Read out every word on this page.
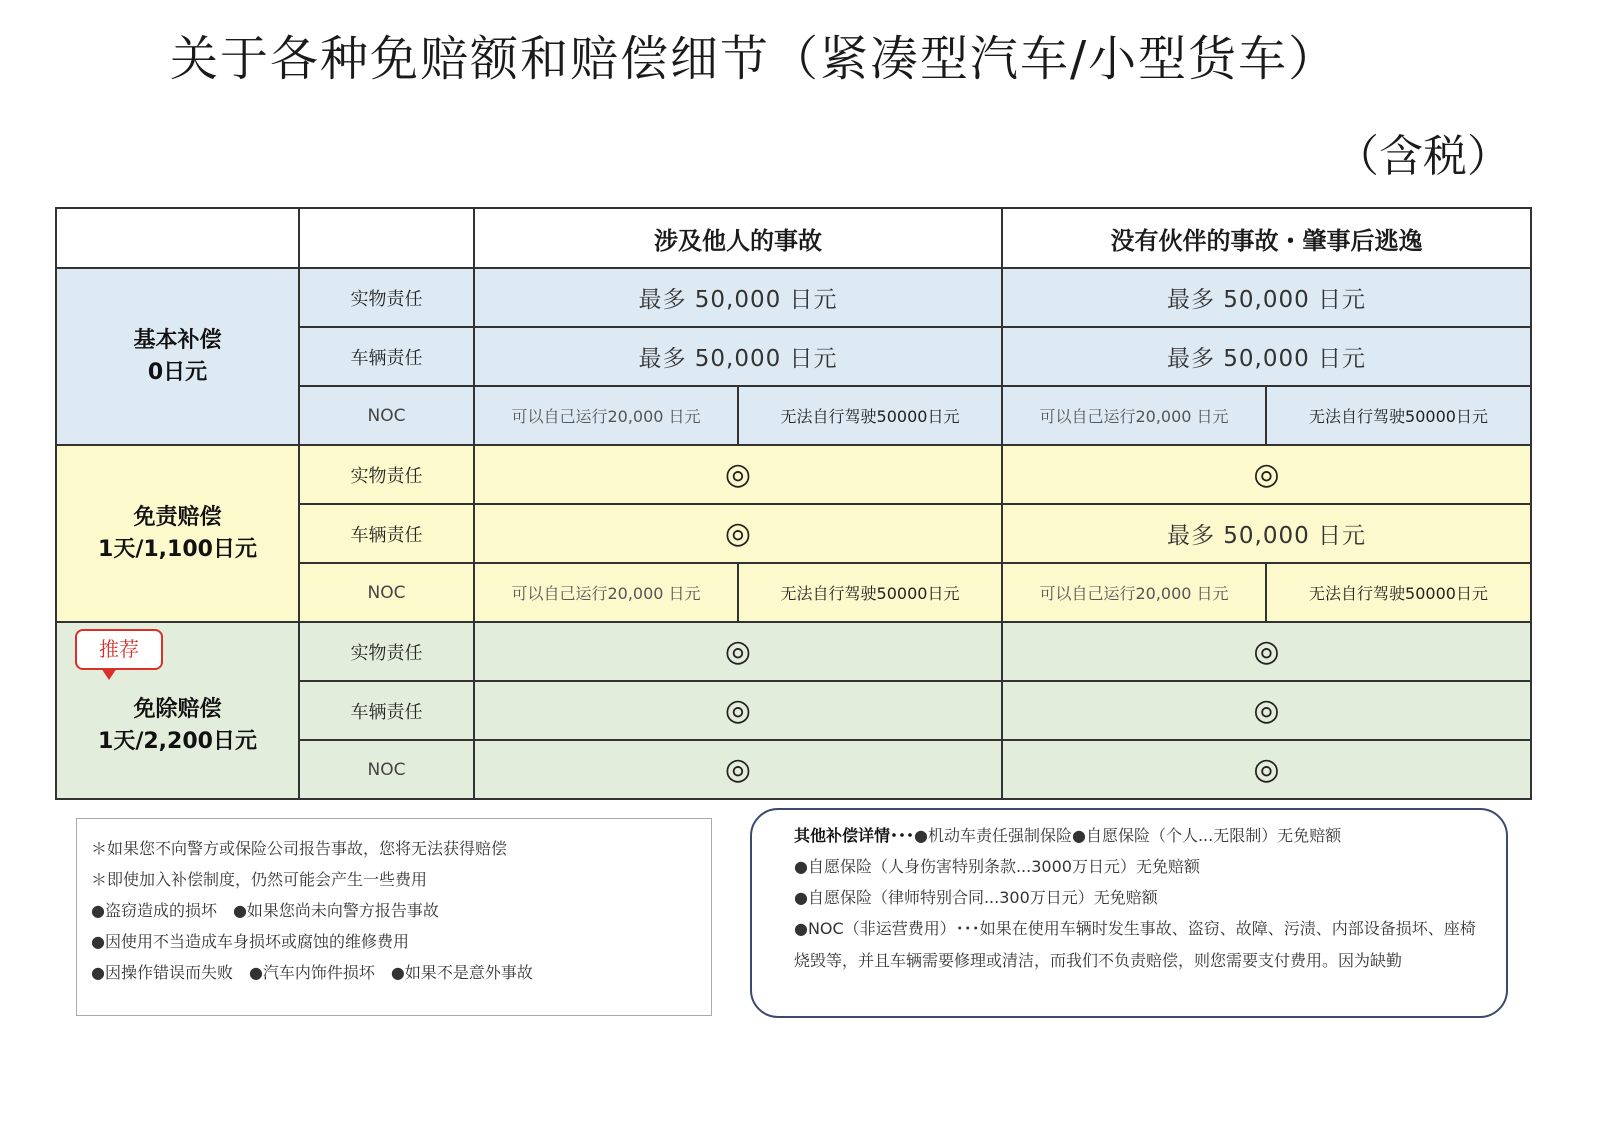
关于各种免赔额和赔偿细节（紧凑型汽车/小型货车）
（含税）
		涉及他人的事故		没有伙伴的事故・肇事后逃逸	

基本补偿
0日元	实物责任	最多 50,000 日元		最多 50,000 日元	
	车辆责任	最多 50,000 日元		最多 50,000 日元	
	NOC	可以自己运行20,000 日元	无法自行驾驶50000日元	可以自己运行20,000 日元	无法自行驾驶50000日元

免责赔偿
1天/1,100日元	实物责任	◎		◎	
	车辆责任	◎		最多 50,000 日元	
	NOC	可以自己运行20,000 日元	无法自行驾驶50000日元	可以自己运行20,000 日元	无法自行驾驶50000日元

推荐
免除赔偿
1天/2,200日元	实物责任	◎		◎	
	车辆责任	◎		◎	
	NOC	◎		◎	
＊如果您不向警方或保险公司报告事故，您将无法获得赔偿
＊即使加入补偿制度，仍然可能会产生一些费用
●盗窃造成的损坏　●如果您尚未向警方报告事故
●因使用不当造成车身损坏或腐蚀的维修费用
●因操作错误而失败　●汽车内饰件损坏　●如果不是意外事故
其他补偿详情･･･●机动车责任强制保险●自愿保险（个人...无限制）无免赔额
●自愿保险（人身伤害特别条款...3000万日元）无免赔额
●自愿保险（律师特别合同...300万日元）无免赔额
●NOC（非运营费用）･･･如果在使用车辆时发生事故、盗窃、故障、污渍、内部设备损坏、座椅烧毁等，并且车辆需要修理或清洁，而我们不负责赔偿，则您需要支付费用。因为缺勤
